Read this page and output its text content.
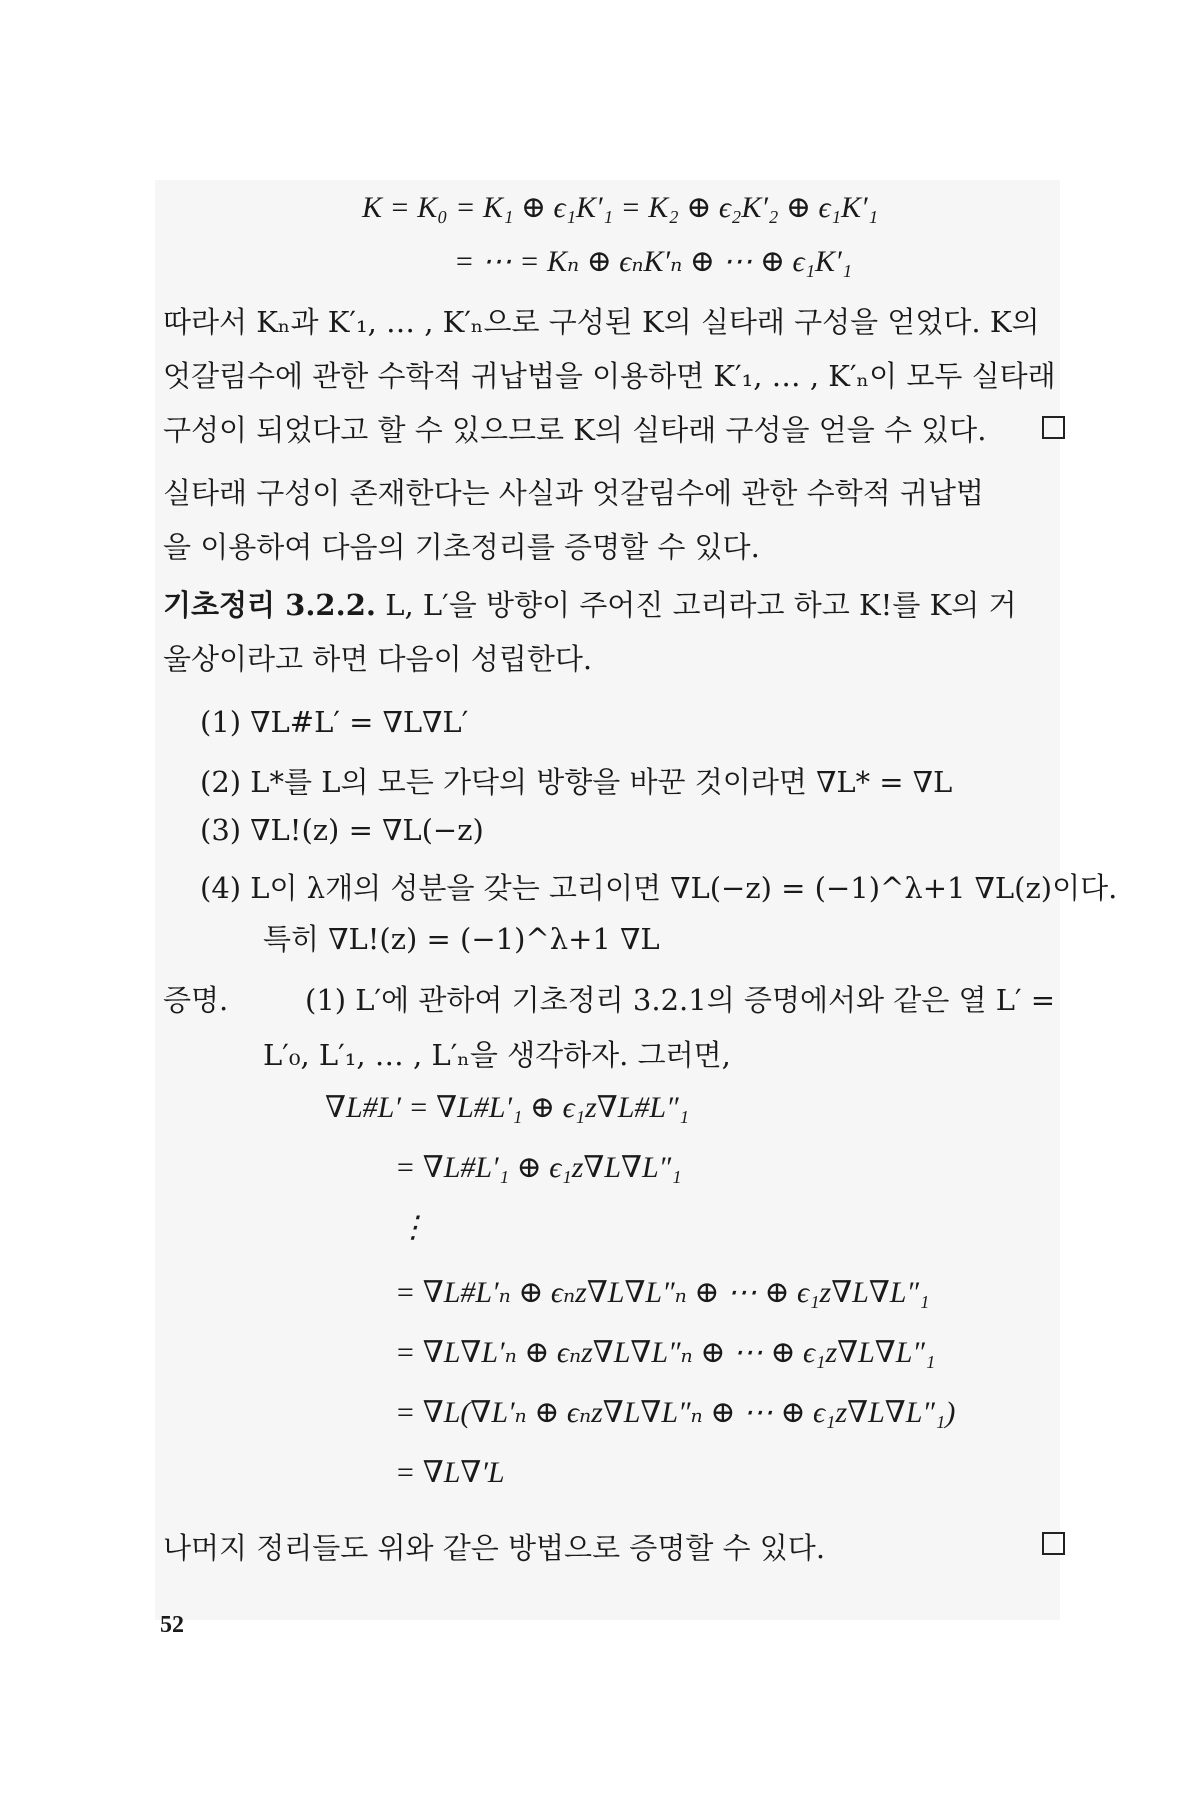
K = K₀ = K₁ ⊕ ϵ₁K′₁ = K₂ ⊕ ϵ₂K′₂ ⊕ ϵ₁K′₁
= ⋯ = Kₙ ⊕ ϵₙK′ₙ ⊕ ⋯ ⊕ ϵ₁K′₁

따라서 Kₙ과 K′₁, … , K′ₙ으로 구성된 K의 실타래 구성을 얻었다. K의

엇갈림수에 관한 수학적 귀납법을 이용하면 K′₁, … , K′ₙ이 모두 실타래

구성이 되었다고 할 수 있으므로 K의 실타래 구성을 얻을 수 있다.

실타래 구성이 존재한다는 사실과 엇갈림수에 관한 수학적 귀납법

을 이용하여 다음의 기초정리를 증명할 수 있다.

기초정리 3.2.2. L, L′을 방향이 주어진 고리라고 하고 K!를 K의 거

울상이라고 하면 다음이 성립한다.

(1) ∇L#L′ = ∇L∇L′
(2) L*를 L의 모든 가닥의 방향을 바꾼 것이라면 ∇L* = ∇L
(3) ∇L!(z) = ∇L(−z)
(4) L이 λ개의 성분을 갖는 고리이면 ∇L(−z) = (−1)^λ+1 ∇L(z)이다.
특히 ∇L!(z) = (−1)^λ+1 ∇L
증명.	(1) L′에 관하여 기초정리 3.2.1의 증명에서와 같은 열 L′ =
L′₀, L′₁, … , L′ₙ을 생각하자. 그러면,
∇L#L′ = ∇L#L′₁ ⊕ ϵ₁z∇L#L″₁
= ∇L#L′₁ ⊕ ϵ₁z∇L∇L″₁
⋮
= ∇L#L′ₙ ⊕ ϵₙz∇L∇L″ₙ ⊕ ⋯ ⊕ ϵ₁z∇L∇L″₁
= ∇L∇L′ₙ ⊕ ϵₙz∇L∇L″ₙ ⊕ ⋯ ⊕ ϵ₁z∇L∇L″₁
= ∇L(∇L′ₙ ⊕ ϵₙz∇L∇L″ₙ ⊕ ⋯ ⊕ ϵ₁z∇L∇L″₁)
= ∇L∇′L
나머지 정리들도 위와 같은 방법으로 증명할 수 있다.
52
